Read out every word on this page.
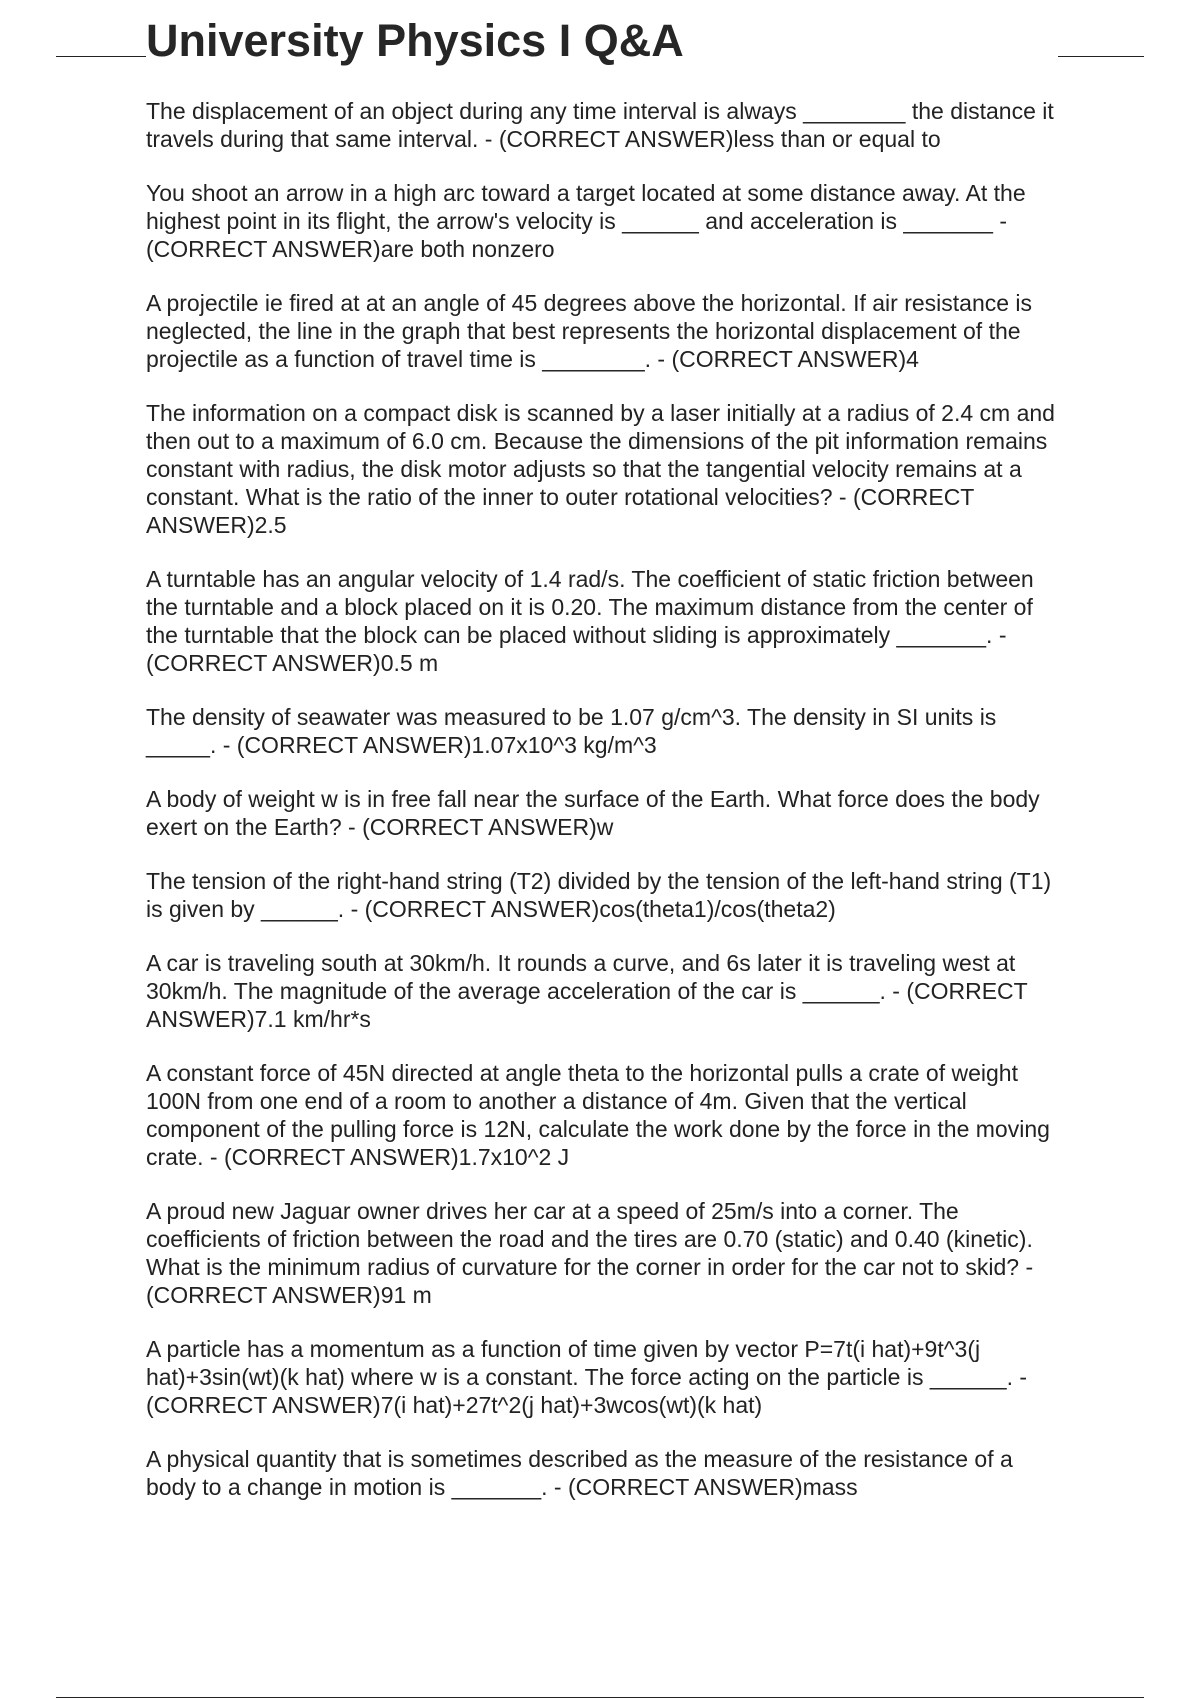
University Physics I Q&A

The displacement of an object during any time interval is always ________ the distance it travels during that same interval. - (CORRECT ANSWER)less than or equal to

You shoot an arrow in a high arc toward a target located at some distance away. At the highest point in its flight, the arrow's velocity is ______ and acceleration is _______ - (CORRECT ANSWER)are both nonzero

A projectile ie fired at at an angle of 45 degrees above the horizontal. If air resistance is neglected, the line in the graph that best represents the horizontal displacement of the projectile as a function of travel time is ________. - (CORRECT ANSWER)4

The information on a compact disk is scanned by a laser initially at a radius of 2.4 cm and then out to a maximum of 6.0 cm. Because the dimensions of the pit information remains constant with radius, the disk motor adjusts so that the tangential velocity remains at a constant. What is the ratio of the inner to outer rotational velocities? - (CORRECT ANSWER)2.5

A turntable has an angular velocity of 1.4 rad/s. The coefficient of static friction between the turntable and a block placed on it is 0.20. The maximum distance from the center of the turntable that the block can be placed without sliding is approximately _______. - (CORRECT ANSWER)0.5 m

The density of seawater was measured to be 1.07 g/cm^3. The density in SI units is _____. - (CORRECT ANSWER)1.07x10^3 kg/m^3

A body of weight w is in free fall near the surface of the Earth. What force does the body exert on the Earth? - (CORRECT ANSWER)w

The tension of the right-hand string (T2) divided by the tension of the left-hand string (T1) is given by ______. - (CORRECT ANSWER)cos(theta1)/cos(theta2)

A car is traveling south at 30km/h. It rounds a curve, and 6s later it is traveling west at 30km/h. The magnitude of the average acceleration of the car is ______. - (CORRECT ANSWER)7.1 km/hr*s

A constant force of 45N directed at angle theta to the horizontal pulls a crate of weight 100N from one end of a room to another a distance of 4m. Given that the vertical component of the pulling force is 12N, calculate the work done by the force in the moving crate. - (CORRECT ANSWER)1.7x10^2 J

A proud new Jaguar owner drives her car at a speed of 25m/s into a corner. The coefficients of friction between the road and the tires are 0.70 (static) and 0.40 (kinetic). What is the minimum radius of curvature for the corner in order for the car not to skid? - (CORRECT ANSWER)91 m

A particle has a momentum as a function of time given by vector P=7t(i hat)+9t^3(j hat)+3sin(wt)(k hat) where w is a constant. The force acting on the particle is ______. - (CORRECT ANSWER)7(i hat)+27t^2(j hat)+3wcos(wt)(k hat)

A physical quantity that is sometimes described as the measure of the resistance of a body to a change in motion is _______. - (CORRECT ANSWER)mass
